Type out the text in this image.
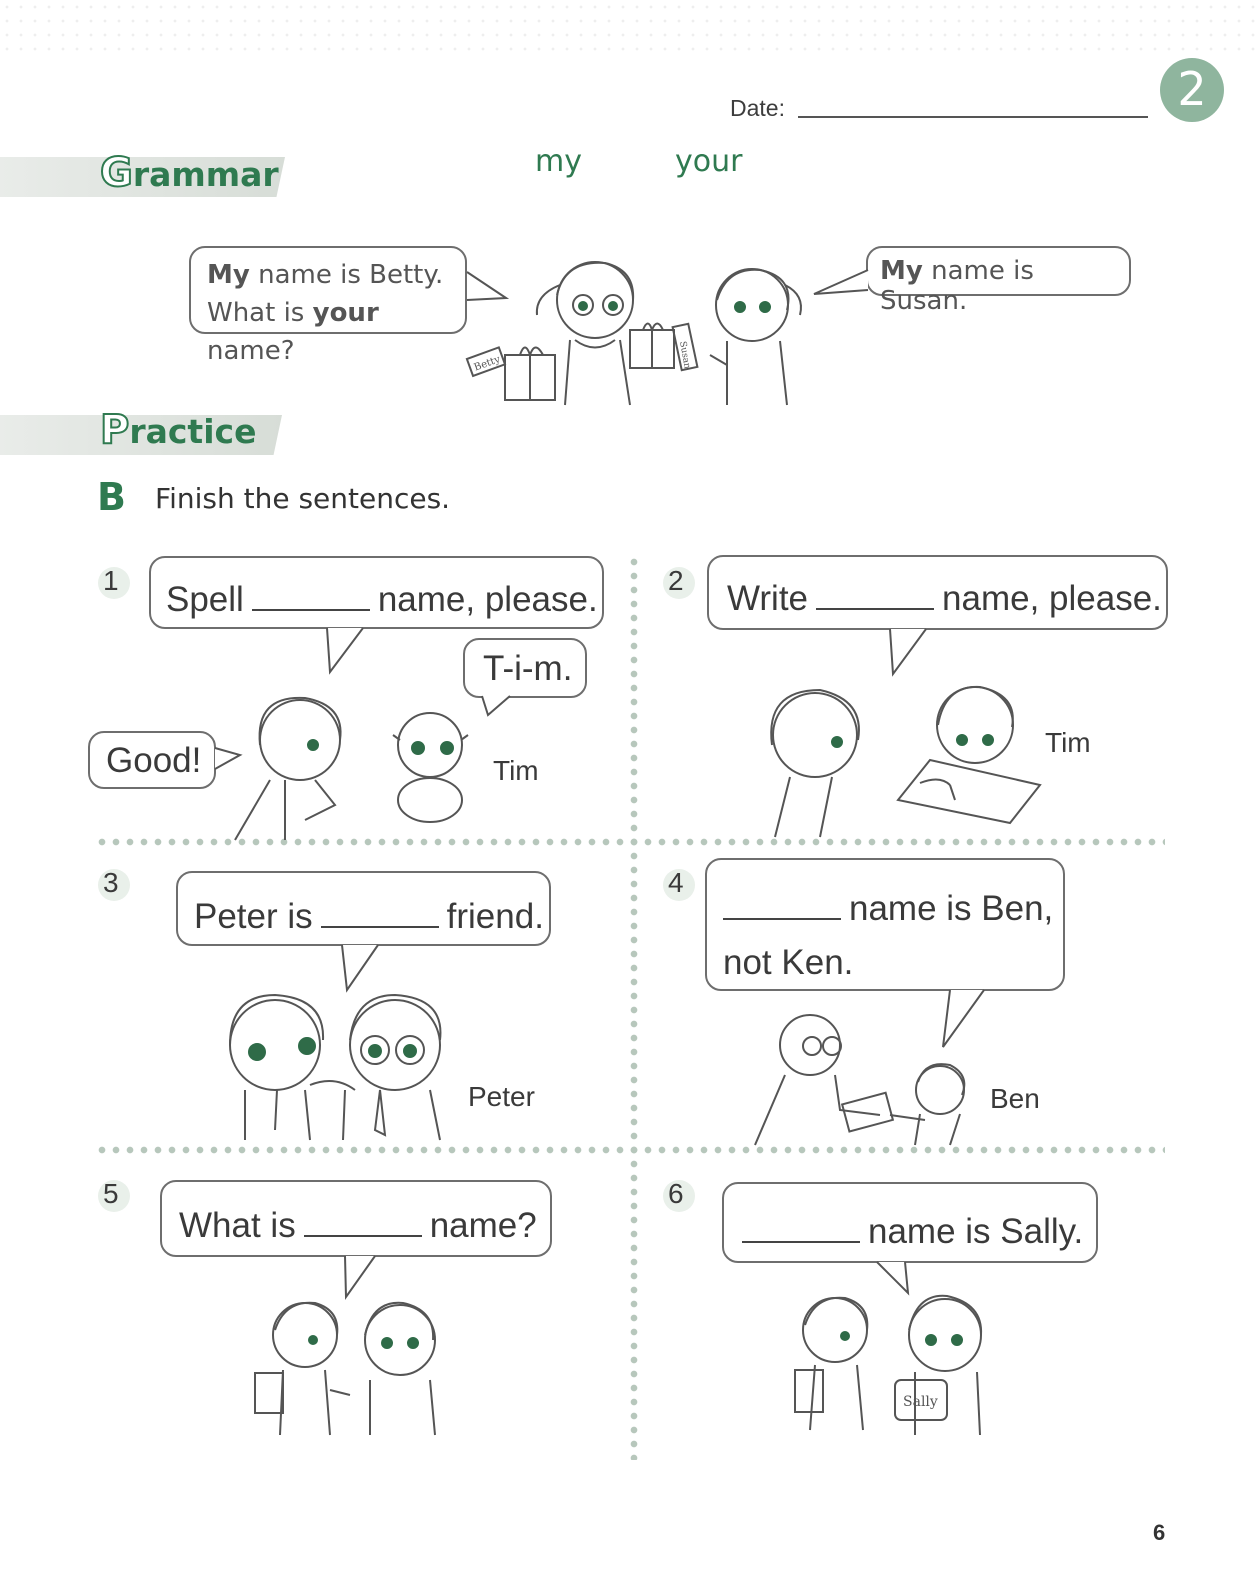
Date:	2
Grammar	my	your
My name is Betty.
What is your name?
My name is Susan.
Betty	Susan
Practice
B Finish the sentences.
1	Spell	name, please.
T-i-m.
Good!	Tim
2	Write	name, please.
Tim
3
Peter is	friend.
Peter
4
name is Ben,
not Ken.
Ben
5
What is	name?
6
name is Sally.
Sally
6
